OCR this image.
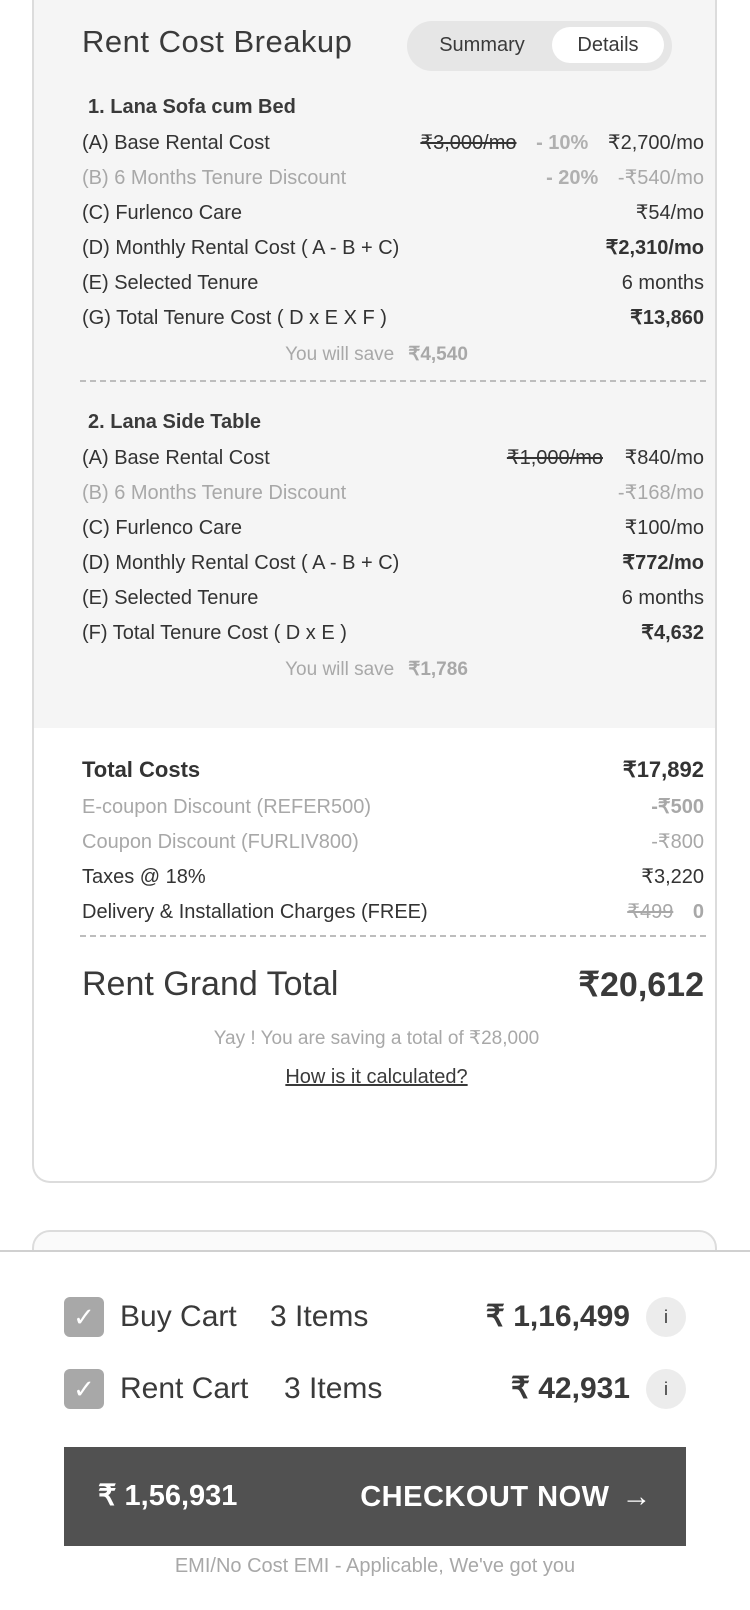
Rent Cost Breakup	Summary	Details
1. Lana Sofa cum Bed
(A) Base Rental Cost	₹3,000/mo - 10% ₹2,700/mo
(B) 6 Months Tenure Discount	- 20% -₹540/mo
(C) Furlenco Care	₹54/mo
(D) Monthly Rental Cost ( A - B + C)	₹2,310/mo
(E) Selected Tenure	6 months
(G) Total Tenure Cost ( D x E X F )	₹13,860
You will save ₹4,540
2. Lana Side Table
(A) Base Rental Cost	₹1,000/mo ₹840/mo
(B) 6 Months Tenure Discount	-₹168/mo
(C) Furlenco Care	₹100/mo
(D) Monthly Rental Cost ( A - B + C)	₹772/mo
(E) Selected Tenure	6 months
(F) Total Tenure Cost ( D x E )	₹4,632
You will save ₹1,786
Total Costs	₹17,892
E-coupon Discount (REFER500)	-₹500
Coupon Discount (FURLIV800)	-₹800
Taxes @ 18%	₹3,220
Delivery & Installation Charges (FREE)	₹499 0
Rent Grand Total	₹20,612
Yay ! You are saving a total of ₹28,000
How is it calculated?
✓ Buy Cart 3 Items	₹ 1,16,499	i
✓ Rent Cart 3 Items	₹ 42,931	i
₹ 1,56,931	CHECKOUT NOW →
EMI/No Cost EMI - Applicable, We've got you
